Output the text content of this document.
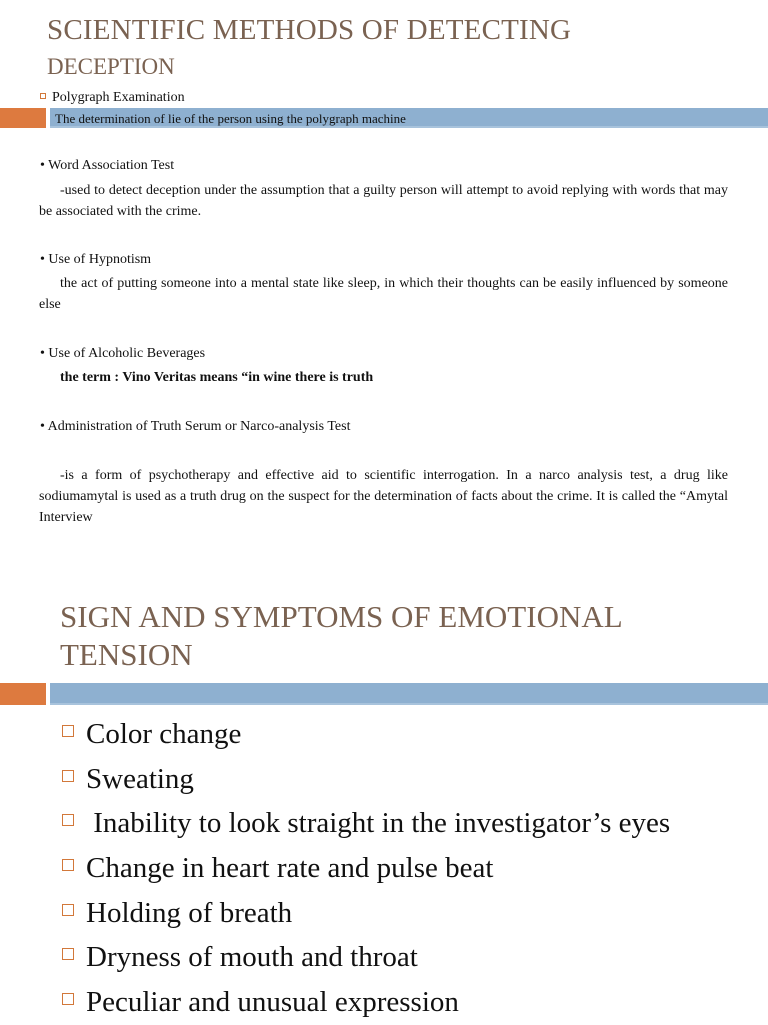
SCIENTIFIC METHODS OF DETECTING
DECEPTION
Polygraph Examination
The determination of lie of the person using the polygraph machine
• Word Association Test
-used to detect deception under the assumption that a guilty person will attempt to avoid replying with words that may be associated with the crime.
• Use of Hypnotism
the act of putting someone into a mental state like sleep, in which their thoughts can be easily influenced by someone else
• Use of Alcoholic Beverages
the term : Vino Veritas means “in wine there is truth
• Administration of Truth Serum or Narco-analysis Test
-is a form of psychotherapy and effective aid to scientific interrogation. In a narco analysis test, a drug like sodiumamytal is used as a truth drug on the suspect for the determination of facts about the crime. It is called the “Amytal Interview
SIGN AND SYMPTOMS OF EMOTIONAL TENSION
Color change
Sweating
Inability to look straight in the investigator’s eyes
Change in heart rate and pulse beat
Holding of breath
Dryness of mouth and throat
Peculiar and unusual expression
